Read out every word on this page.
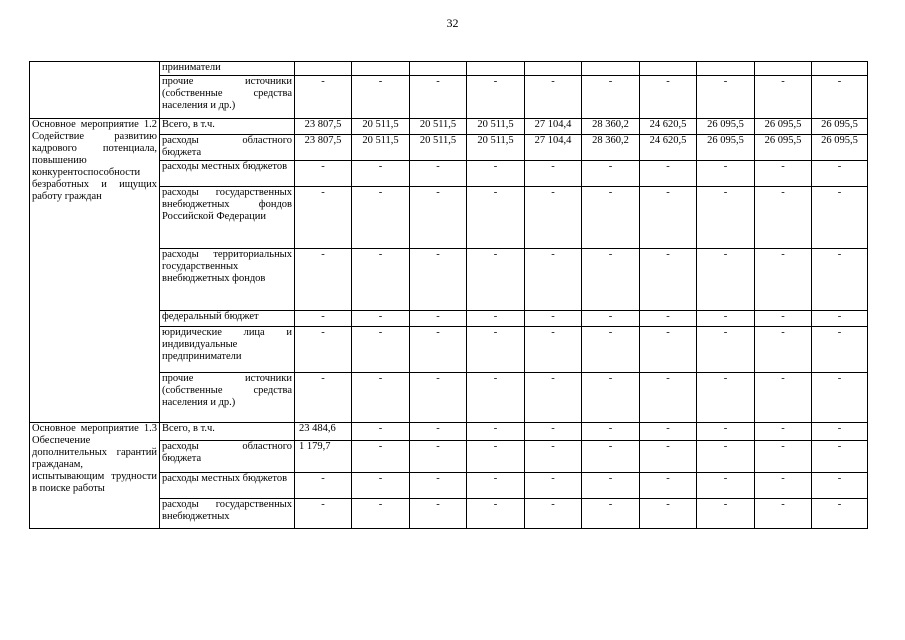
32
	приниматели										
	прочие источники (собственные средства населения и др.)	-	-	-	-	-	-	-	-	-	-
Основное мероприятие 1.2 Содействие развитию кадрового потенциала, повышению конкурентоспособности безработных и ищущих работу граждан	Всего, в т.ч.	23 807,5	20 511,5	20 511,5	20 511,5	27 104,4	28 360,2	24 620,5	26 095,5	26 095,5	26 095,5
	расходы областного бюджета	23 807,5	20 511,5	20 511,5	20 511,5	27 104,4	28 360,2	24 620,5	26 095,5	26 095,5	26 095,5
	расходы местных бюджетов	-	-	-	-	-	-	-	-	-	-
	расходы государственных внебюджетных фондов Российской Федерации	-	-	-	-	-	-	-	-	-	-
	расходы территориальных государственных внебюджетных фондов	-	-	-	-	-	-	-	-	-	-
	федеральный бюджет	-	-	-	-	-	-	-	-	-	-
	юридические лица и индивидуальные предприниматели	-	-	-	-	-	-	-	-	-	-
	прочие источники (собственные средства населения и др.)	-	-	-	-	-	-	-	-	-	-
Основное мероприятие 1.3 Обеспечение дополнительных гарантий гражданам, испытывающим трудности в поиске работы	Всего, в т.ч.	23 484,6	-	-	-	-	-	-	-	-	-
	расходы областного бюджета	1 179,7	-	-	-	-	-	-	-	-	-
	расходы местных бюджетов	-	-	-	-	-	-	-	-	-	-
	расходы государственных внебюджетных	-	-	-	-	-	-	-	-	-	-
